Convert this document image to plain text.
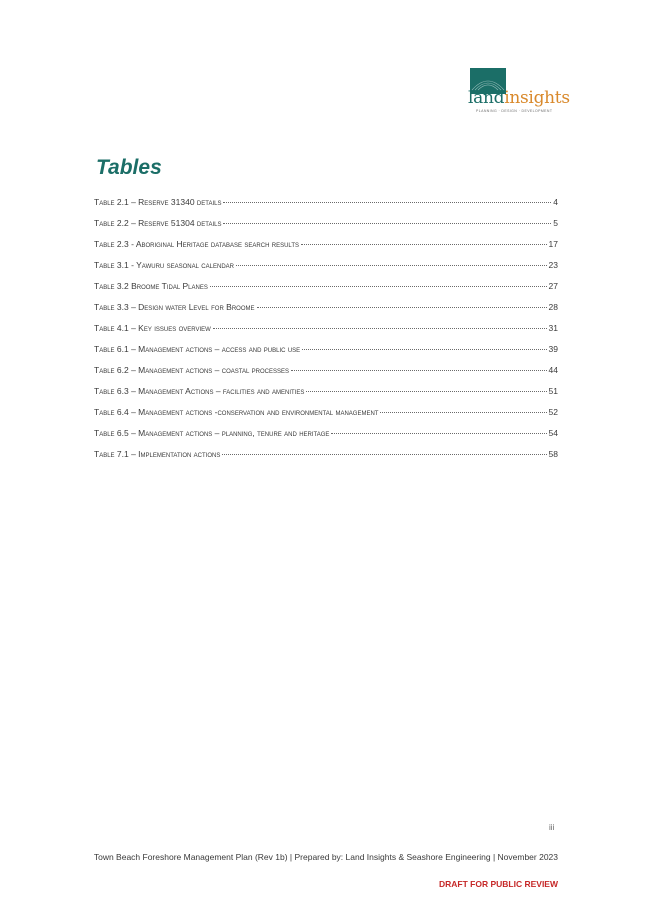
landinsights
PLANNING · DESIGN · DEVELOPMENT
Tables
Table 2.1 – Reserve 31340 details	4
Table 2.2 – Reserve 51304 details	5
Table 2.3 - Aboriginal Heritage database search results	17
Table 3.1 - Yawuru seasonal calendar	23
Table 3.2 Broome Tidal Planes	27
Table 3.3 – Design water Level for Broome	28
Table 4.1 – Key issues overview	31
Table 6.1 – Management actions – access and public use	39
Table 6.2 – Management actions – coastal processes	44
Table 6.3 – Management Actions – facilities and amenities	51
Table 6.4 – Management actions -conservation and environmental management	52
Table 6.5 – Management actions – planning, tenure and heritage	54
Table 7.1 – Implementation actions	58
iii
Town Beach Foreshore Management Plan (Rev 1b) | Prepared by: Land Insights & Seashore Engineering | November 2023
DRAFT FOR PUBLIC REVIEW
